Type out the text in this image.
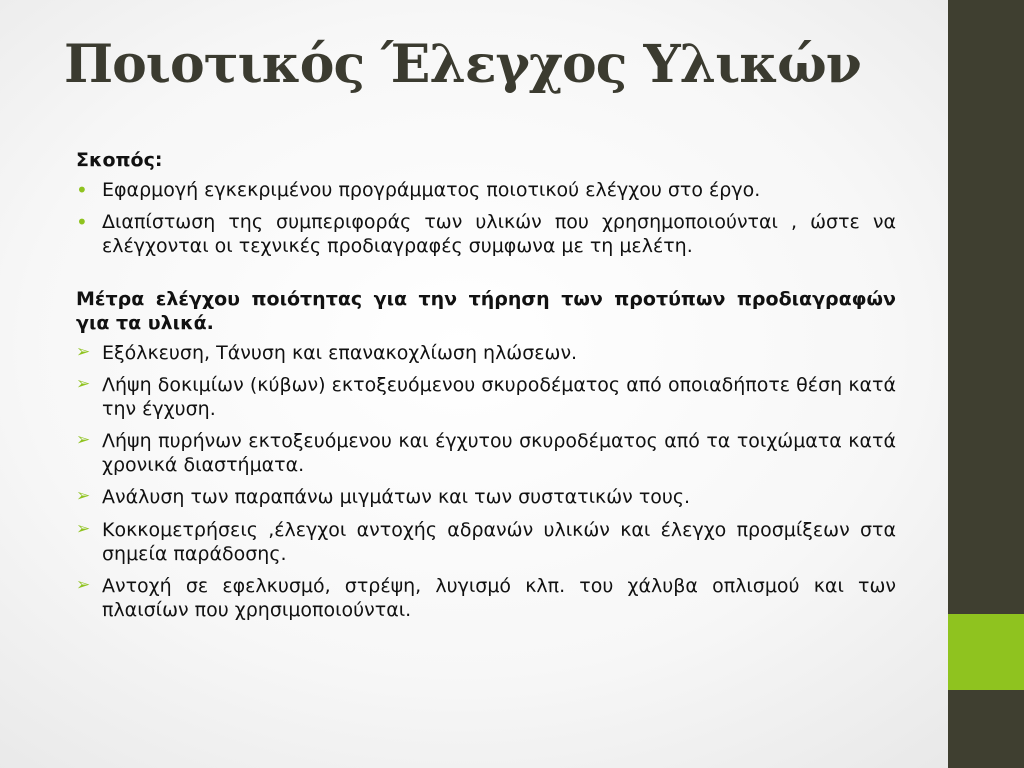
Ποιοτικός Έλεγχος Υλικών
Σκοπός:
• Εφαρμογή εγκεκριμένου προγράμματος ποιοτικού ελέγχου στο έργο.
• Διαπίστωση της συμπεριφοράς των υλικών που χρησημοποιούνται , ώστε να ελέγχονται οι τεχνικές προδιαγραφές συμφωνα με τη μελέτη.
Μέτρα ελέγχου ποιότητας για την τήρηση των προτύπων προδιαγραφών για τα υλικά.
➢ Εξόλκευση, Τάνυση και επανακοχλίωση ηλώσεων.
➢ Λήψη δοκιμίων (κύβων) εκτοξευόμενου σκυροδέματος από οποιαδήποτε θέση κατά την έγχυση.
➢ Λήψη πυρήνων εκτοξευόμενου και έγχυτου σκυροδέματος από τα τοιχώματα κατά χρονικά διαστήματα.
➢ Ανάλυση των παραπάνω μιγμάτων και των συστατικών τους.
➢ Κοκκομετρήσεις ,έλεγχοι αντοχής αδρανών υλικών και έλεγχο προσμίξεων στα σημεία παράδοσης.
➢ Αντοχή σε εφελκυσμό, στρέψη, λυγισμό κλπ. του χάλυβα οπλισμού και των πλαισίων που χρησιμοποιούνται.
